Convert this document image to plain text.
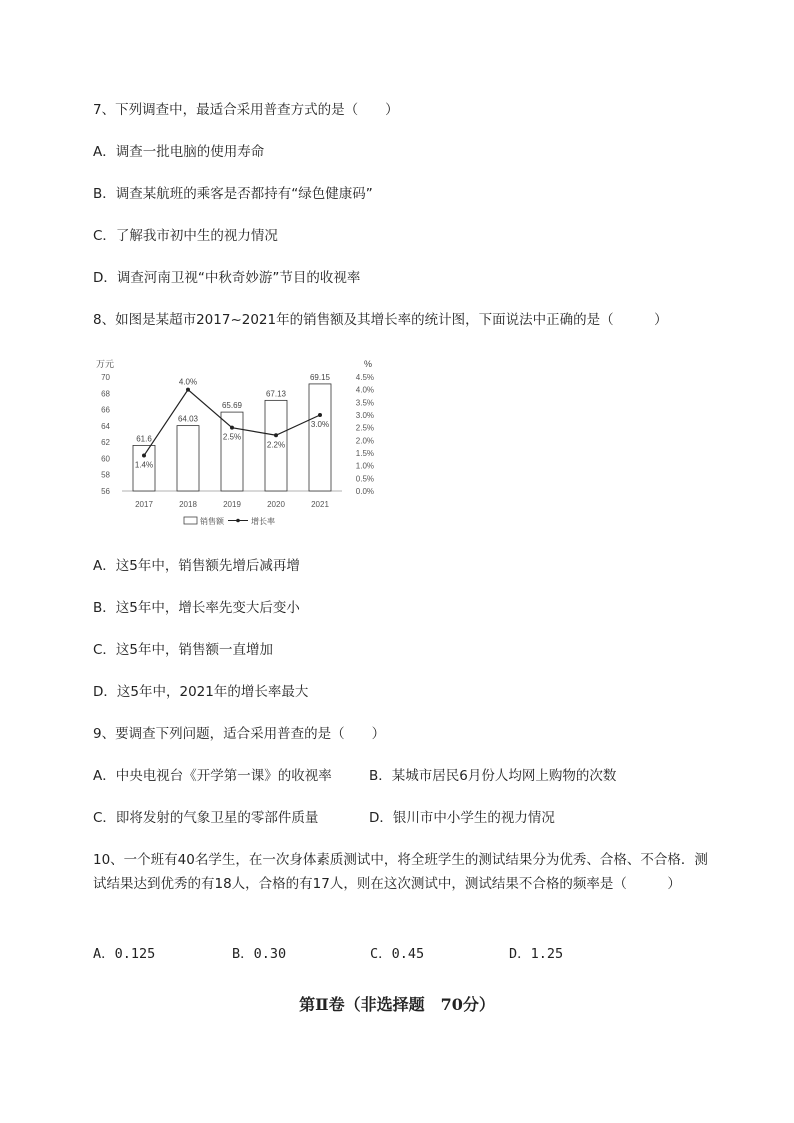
7、下列调查中，最适合采用普查方式的是（　　）
A．调查一批电脑的使用寿命
B．调查某航班的乘客是否都持有“绿色健康码”
C．了解我市初中生的视力情况
D．调查河南卫视“中秋奇妙游”节目的收视率
8、如图是某超市2017~2021年的销售额及其增长率的统计图，下面说法中正确的是（　　　）
万元	%
56
58
60
62
64
66
68
70
0.0%
0.5%
1.0%
1.5%
2.0%
2.5%
3.0%
3.5%
4.0%
4.5%
61.6
64.03
65.69
67.13
69.15
1.4%
4.0%
2.5%
2.2%
3.0%
2017	2018	2019	2020	2021
销售额	增长率
A．这5年中，销售额先增后减再增
B．这5年中，增长率先变大后变小
C．这5年中，销售额一直增加
D．这5年中，2021年的增长率最大
9、要调查下列问题，适合采用普查的是（　　）
A．中央电视台《开学第一课》的收视率	B．某城市居民6月份人均网上购物的次数
C．即将发射的气象卫星的零部件质量	D．银川市中小学生的视力情况
10、一个班有40名学生，在一次身体素质测试中，将全班学生的测试结果分为优秀、合格、不合格．测试结果达到优秀的有18人，合格的有17人，则在这次测试中，测试结果不合格的频率是（　　　）
A．0.125	B．0.30	C．0.45	D．1.25
第Ⅱ卷（非选择题　70分）
